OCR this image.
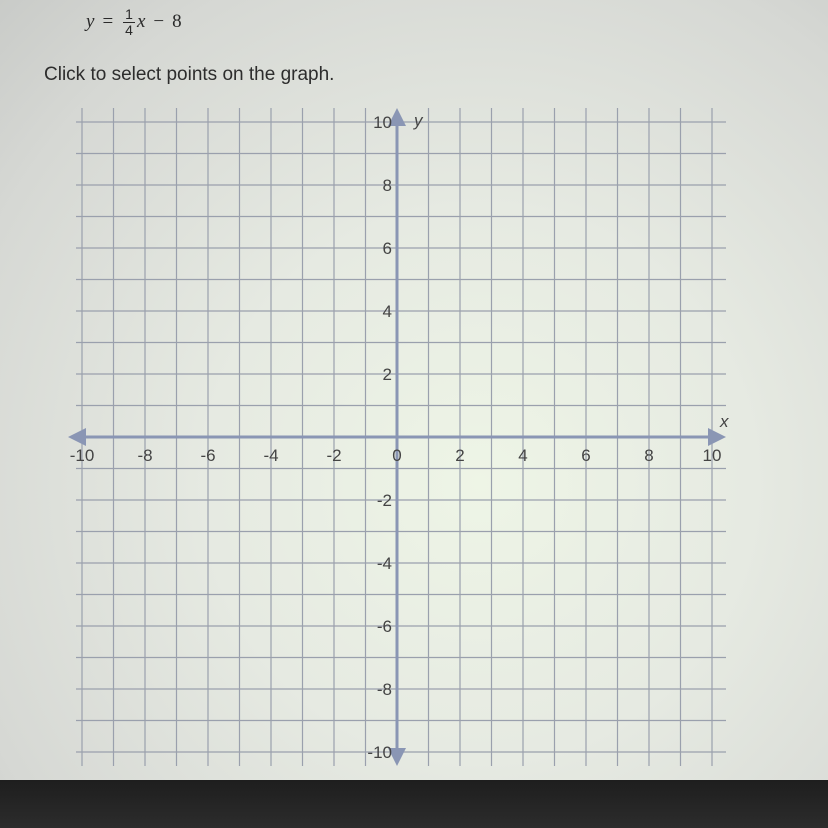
$y = \frac{1}{4}$ x − 8
Click to select points on the graph.
-10	-8	-6	-4	-2	0	2	4	6	8	10
2
4
6
8
10
-2
-4
-6
-8
-10
x
y
